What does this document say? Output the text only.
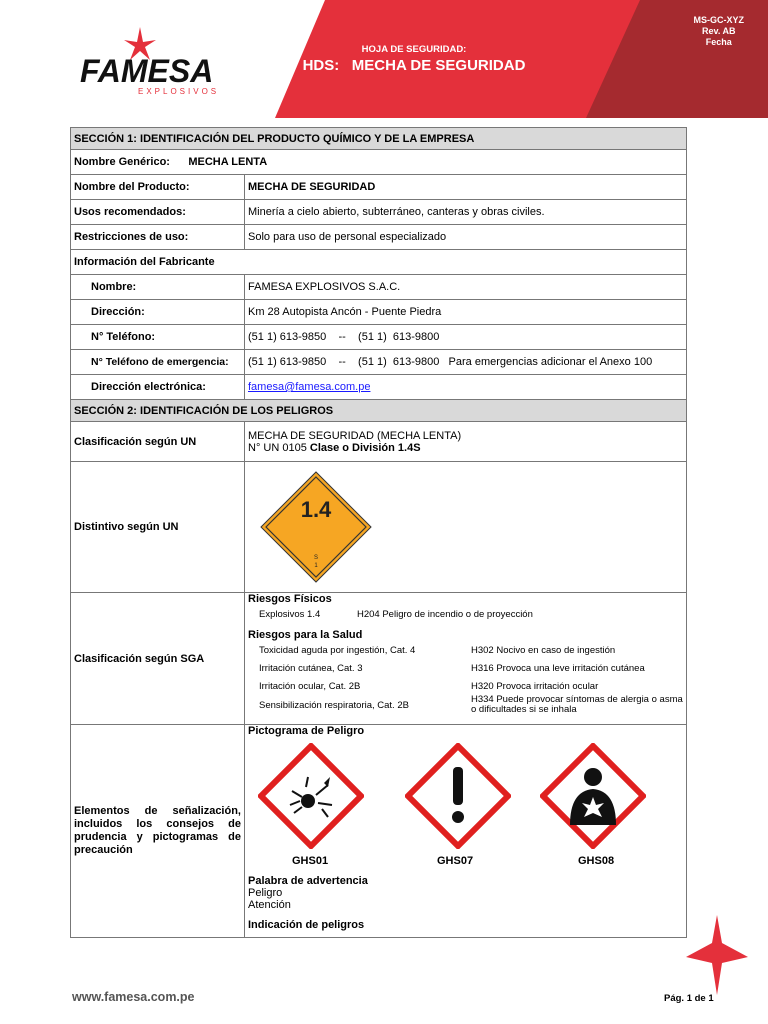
FAMESA
EXPLOSIVOS
MS-GC-XYZ
Rev. AB
Fecha
HOJA DE SEGURIDAD:
HDS: MECHA DE SEGURIDAD
SECCIÓN 1: IDENTIFICACIÓN DEL PRODUCTO QUÍMICO Y DE LA EMPRESA
Nombre Genérico: MECHA LENTA
Nombre del Producto:	MECHA DE SEGURIDAD
Usos recomendados:	Minería a cielo abierto, subterráneo, canteras y obras civiles.
Restricciones de uso:	Solo para uso de personal especializado
Información del Fabricante
Nombre:	FAMESA EXPLOSIVOS S.A.C.
Dirección:	Km 28 Autopista Ancón - Puente Piedra
N° Teléfono:	(51 1) 613-9850    --    (51 1)  613-9800
N° Teléfono de emergencia:	(51 1) 613-9850    --    (51 1)  613-9800   Para emergencias adicionar el Anexo 100
Dirección electrónica:	famesa@famesa.com.pe
SECCIÓN 2: IDENTIFICACIÓN DE LOS PELIGROS
Clasificación según UN	MECHA DE SEGURIDAD (MECHA LENTA)
N° UN 0105 Clase o División 1.4S

Distintivo según UN	
1.4
S
1

Clasificación según SGA	
Riesgos Físicos
Explosivos 1.4	H204 Peligro de incendio o de proyección
Riesgos para la Salud
Toxicidad aguda por ingestión, Cat. 4	H302 Nocivo en caso de ingestión
Irritación cutánea, Cat. 3	H316 Provoca una leve irritación cutánea
Irritación ocular, Cat. 2B	H320 Provoca irritación ocular
Sensibilización respiratoria, Cat. 2B	H334 Puede provocar síntomas de alergia o asma o dificultades si se inhala

Elementos de señalización, incluidos los consejos de prudencia y pictogramas de precaución	
Pictograma de Peligro
GHS01	GHS07	GHS08
Palabra de advertencia
Peligro
Atención
Indicación de peligros
www.famesa.com.pe	Pág. 1 de 1
